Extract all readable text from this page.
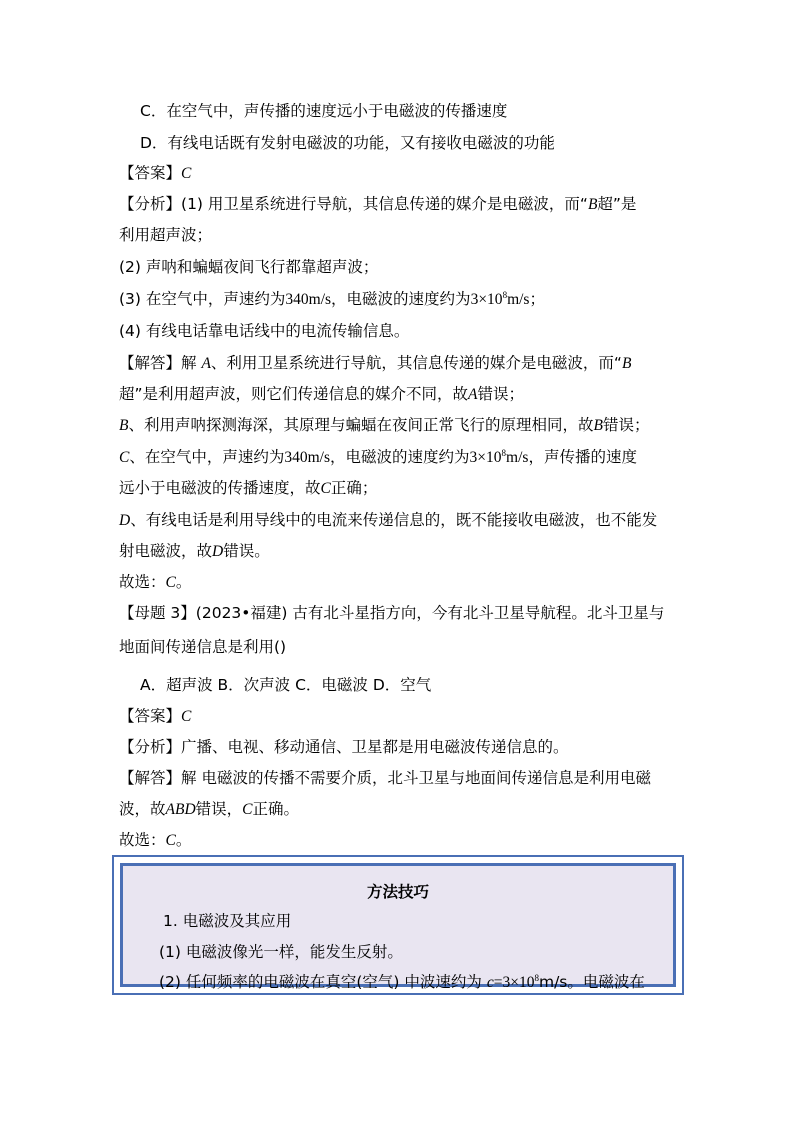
C．在空气中，声传播的速度远小于电磁波的传播速度
D．有线电话既有发射电磁波的功能，又有接收电磁波的功能
【答案】C
【分析】(1) 用卫星系统进行导航，其信息传递的媒介是电磁波，而“B超”是
利用超声波；
(2) 声呐和蝙蝠夜间飞行都靠超声波；
(3) 在空气中，声速约为340m/s，电磁波的速度约为$3\times 10^8m/s$；
(4) 有线电话靠电话线中的电流传输信息。
【解答】解 A、利用卫星系统进行导航，其信息传递的媒介是电磁波，而“B
超”是利用超声波，则它们传递信息的媒介不同，故A错误；
B、利用声呐探测海深，其原理与蝙蝠在夜间正常飞行的原理相同，故B错误；
C、在空气中，声速约为340m/s，电磁波的速度约为$3\times 10^8m/s$，声传播的速度
远小于电磁波的传播速度，故C正确；
D、有线电话是利用导线中的电流来传递信息的，既不能接收电磁波，也不能发
射电磁波，故D错误。
故选：C。
【母题 3】(2023•福建) 古有北斗星指方向，今有北斗卫星导航程。北斗卫星与
地面间传递信息是利用()
A．超声波 B．次声波 C．电磁波 D．空气
【答案】C
【分析】广播、电视、移动通信、卫星都是用电磁波传递信息的。
【解答】解 电磁波的传播不需要介质，北斗卫星与地面间传递信息是利用电磁
波，故ABD错误，C正确。
故选：C。
方法技巧
1. 电磁波及其应用
(1) 电磁波像光一样，能发生反射。
(2) 任何频率的电磁波在真空(空气) 中波速约为 $c=3\times 10^8m/s$。电磁波在
